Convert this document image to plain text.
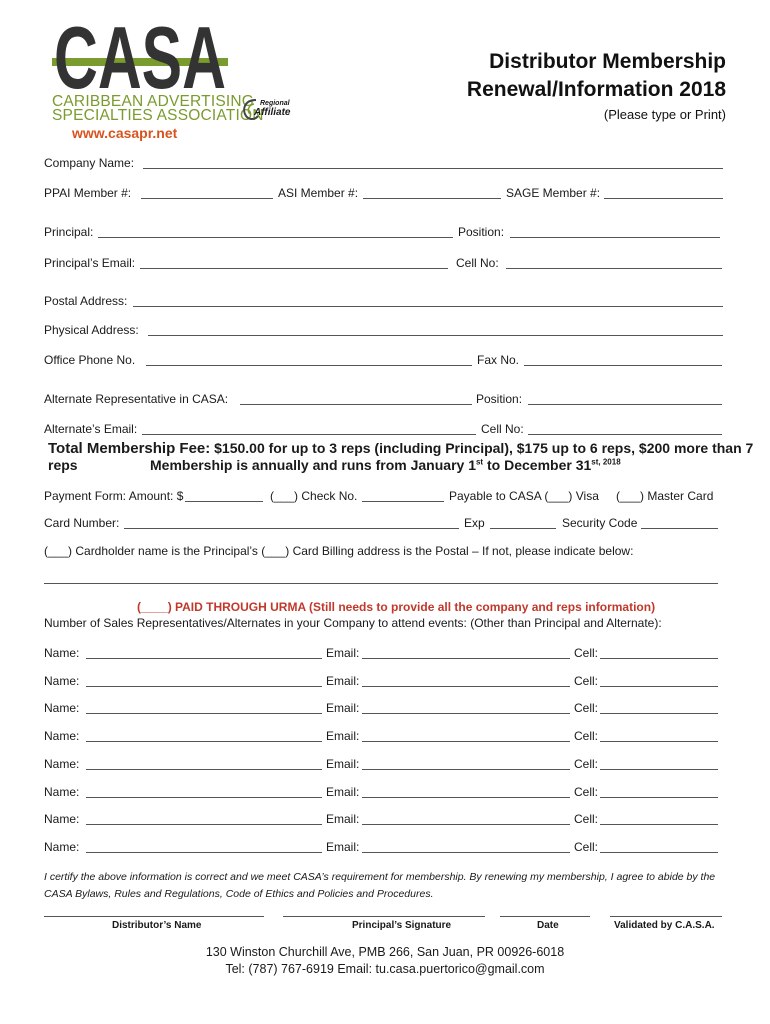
CASA
CARIBBEAN ADVERTISING
SPECIALTIES ASSOCIATION
Regional
Affiliate
www.casapr.net
Distributor Membership
Renewal/Information 2018
(Please type or Print)
Company Name:
PPAI Member #:	ASI Member #:	SAGE Member #:
Principal:	Position:
Principal’s Email:	Cell No:
Postal Address:
Physical Address:
Office Phone No.	Fax No.
Alternate Representative in CASA:	Position:
Alternate’s Email:	Cell No:
Total Membership Fee: $150.00 for up to 3 reps (including Principal), $175 up to 6 reps, $200 more than 7 reps	Membership is annually and runs from January 1st to December $31^{st, 2018}$
Payment Form: Amount: $	(___) Check No.	Payable to CASA (___) Visa (___) Master Card
Card Number:	Exp	Security Code
(___) Cardholder name is the Principal’s (___) Card Billing address is the Postal – If not, please indicate below:
(____) PAID THROUGH URMA (Still needs to provide all the company and reps information)
Number of Sales Representatives/Alternates in your Company to attend events: (Other than Principal and Alternate):
Name:	Email:	Cell:
Name:	Email:	Cell:
Name:	Email:	Cell:
Name:	Email:	Cell:
Name:	Email:	Cell:
Name:	Email:	Cell:
Name:	Email:	Cell:
Name:	Email:	Cell:
I certify the above information is correct and we meet CASA’s requirement for membership. By renewing my membership, I agree to abide by the CASA Bylaws, Rules and Regulations, Code of Ethics and Policies and Procedures.
Distributor’s Name	Principal’s Signature	Date	Validated by C.A.S.A.
130 Winston Churchill Ave, PMB 266, San Juan, PR 00926-6018
Tel: (787) 767-6919 Email: tu.casa.puertorico@gmail.com
